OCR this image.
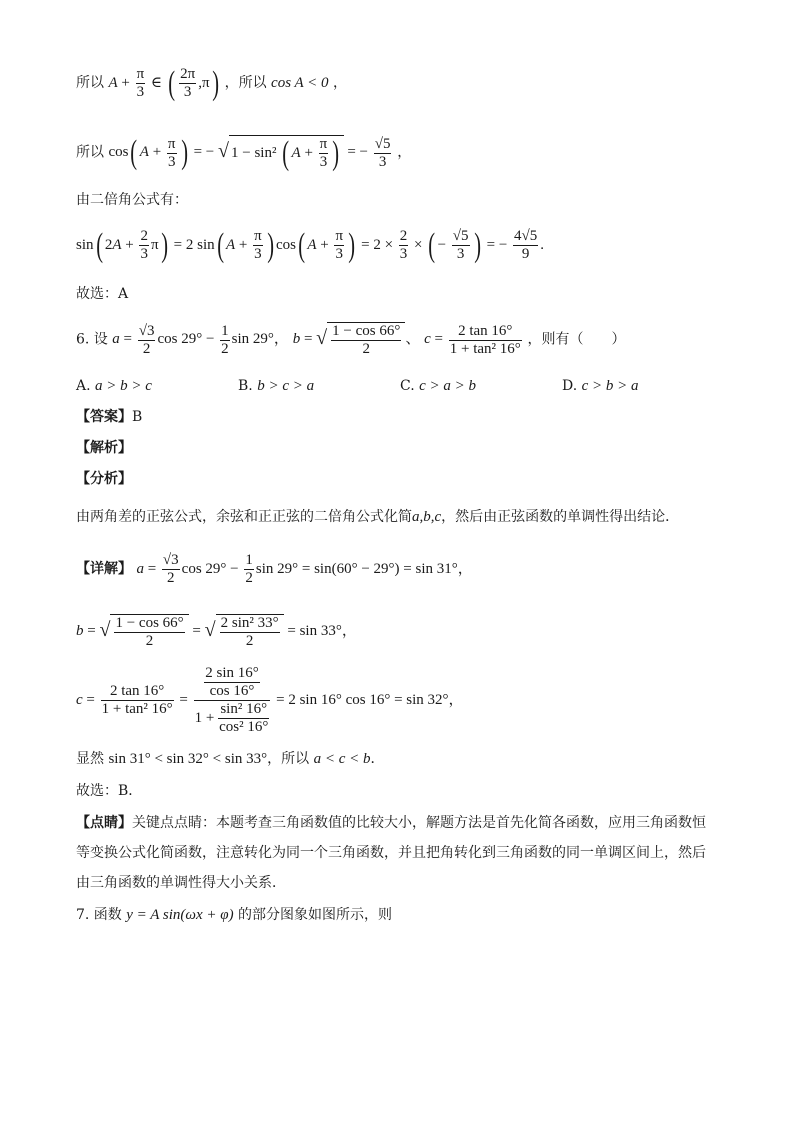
所以 $A + \frac{\pi}{3}$ ∈ ( $\frac{2\pi}{3} ,\pi$) ，所以 cos A < 0 ，
所以 cos( $A + \frac{\pi}{3}$ ) = − √ 1 − sin² ( $A + \frac{\pi}{3}$ ) = − $\frac{√5}{3}$ ，
由二倍角公式有：
sin( $2A + \frac{2}{3} \pi) = 2$ sin( $A + \frac{\pi}{3}$ ) cos( $A + \frac{\pi}{3}$ ) = $2 \times \frac{2}{3}$ × ( − $\frac{√5}{3}$ ) = − $\frac{4√5}{9}$ .
故选：A
6. 设 $a = \frac{√3}{2}$ $\cos 29^\circ - \frac{1}{2}$ sin 29°， b = √ $\frac{1 - \cos 66^\circ}{2}$ 、 $c = \frac{2 \tan 16^\circ}{\text{1 + tan² 16°}}$ ，则有（　　）
A. a > b > c	B. b > c > a	C. c > a > b	D. c > b > a
【答案】B
【解析】
【分析】
由两角差的正弦公式，余弦和正正弦的二倍角公式化简a,b,c，然后由正弦函数的单调性得出结论．
【详解】 $a = \frac{√3}{2}$ $\cos 29^\circ - \frac{1}{2}$ sin 29° = sin(60° − 29°) = sin 31°，
b = √ $\frac{1 - \cos 66^\circ}{2}$ = √ $\frac{\text{2 sin² 33°}}{2} = \sin 33^\circ$，
$c = \frac{2 \tan 16^\circ}{\text{1 + tan² 16°}} = \frac{\frac{2 \sin 16^\circ}{\cos 16^\circ}}{1 + \frac{\text{sin² 16°}}{\text{cos² 16°}}} = 2$ sin 16° cos 16° = sin 32°，
显然 sin 31° < sin 32° < sin 33°，所以 a < c < b．
故选：B．
【点睛】关键点点睛：本题考查三角函数值的比较大小，解题方法是首先化简各函数，应用三角函数恒等变换公式化简函数，注意转化为同一个三角函数，并且把角转化到三角函数的同一单调区间上，然后由三角函数的单调性得大小关系．
7. 函数 y = A sin(ωx + φ) 的部分图象如图所示，则
